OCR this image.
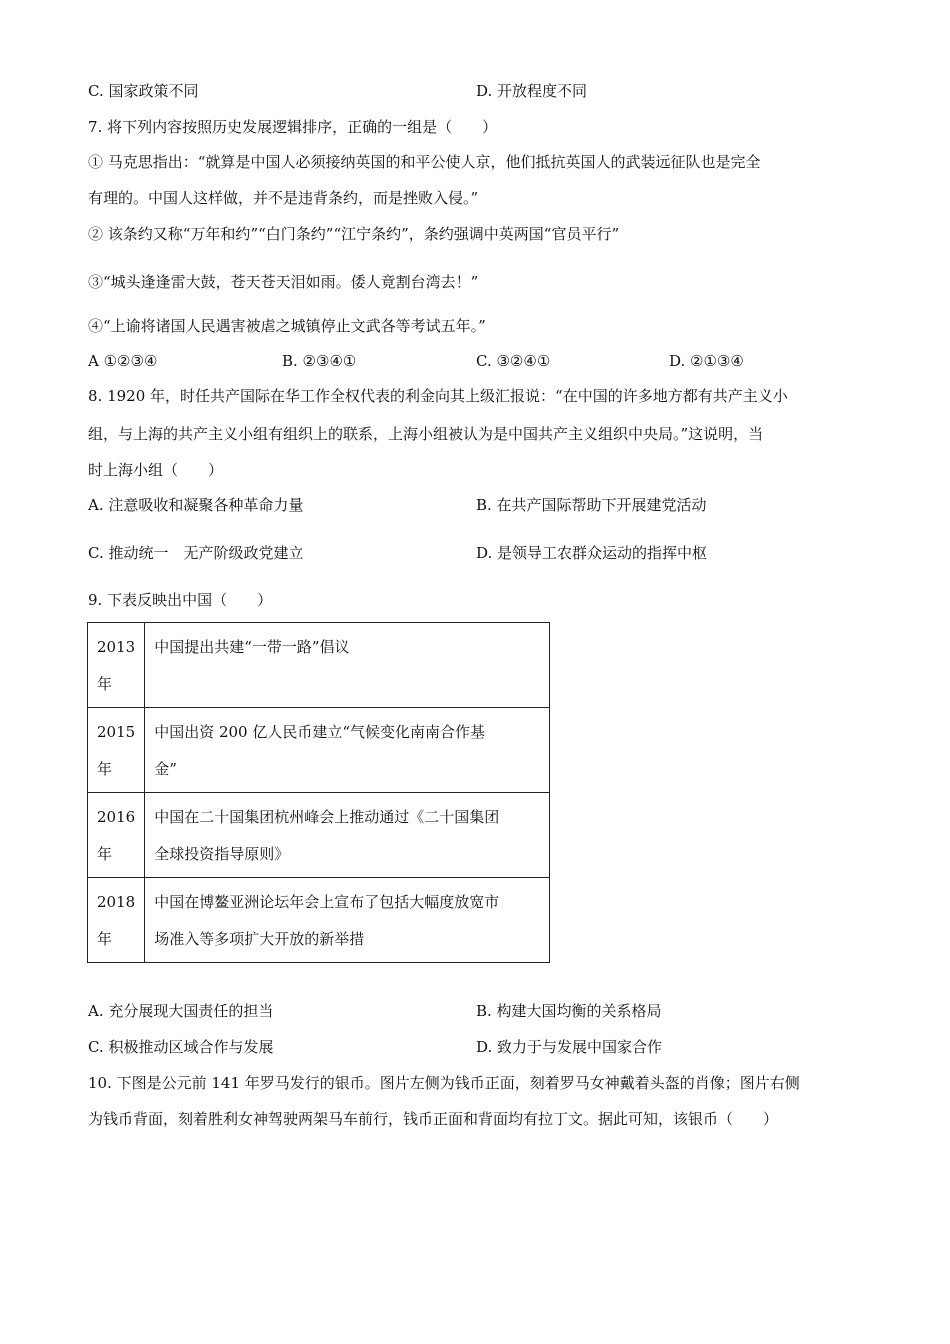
C. 国家政策不同	D. 开放程度不同
7. 将下列内容按照历史发展逻辑排序，正确的一组是（　　）
① 马克思指出：“就算是中国人必须接纳英国的和平公使人京，他们抵抗英国人的武装远征队也是完全
有理的。中国人这样做，并不是违背条约，而是挫败入侵。”
② 该条约又称“万年和约”“白门条约”“江宁条约”，条约强调中英两国“官员平行”
③“城头逢逢雷大鼓，苍天苍天泪如雨。倭人竟割台湾去！”
④“上谕将诸国人民遇害被虐之城镇停止文武各等考试五年。”
A ①②③④	B. ②③④①	C. ③②④①	D. ②①③④
8. 1920 年，时任共产国际在华工作全权代表的利金向其上级汇报说：“在中国的许多地方都有共产主义小
组，与上海的共产主义小组有组织上的联系，上海小组被认为是中国共产主义组织中央局。”这说明，当
时上海小组（　　）
A. 注意吸收和凝聚各种革命力量	B. 在共产国际帮助下开展建党活动
C. 推动统一　无产阶级政党建立	D. 是领导工农群众运动的指挥中枢
9. 下表反映出中国（　　）
2013
年	中国提出共建“一带一路”倡议

2015
年	中国出资 200 亿人民币建立“气候变化南南合作基
金”

2016
年	中国在二十国集团杭州峰会上推动通过《二十国集团
全球投资指导原则》

2018
年	中国在博鳌亚洲论坛年会上宣布了包括大幅度放宽市
场准入等多项扩大开放的新举措
A. 充分展现大国责任的担当	B. 构建大国均衡的关系格局
C. 积极推动区域合作与发展	D. 致力于与发展中国家合作
10. 下图是公元前 141 年罗马发行的银币。图片左侧为钱币正面，刻着罗马女神戴着头盔的肖像；图片右侧
为钱币背面，刻着胜利女神驾驶两架马车前行，钱币正面和背面均有拉丁文。据此可知，该银币（　　）
